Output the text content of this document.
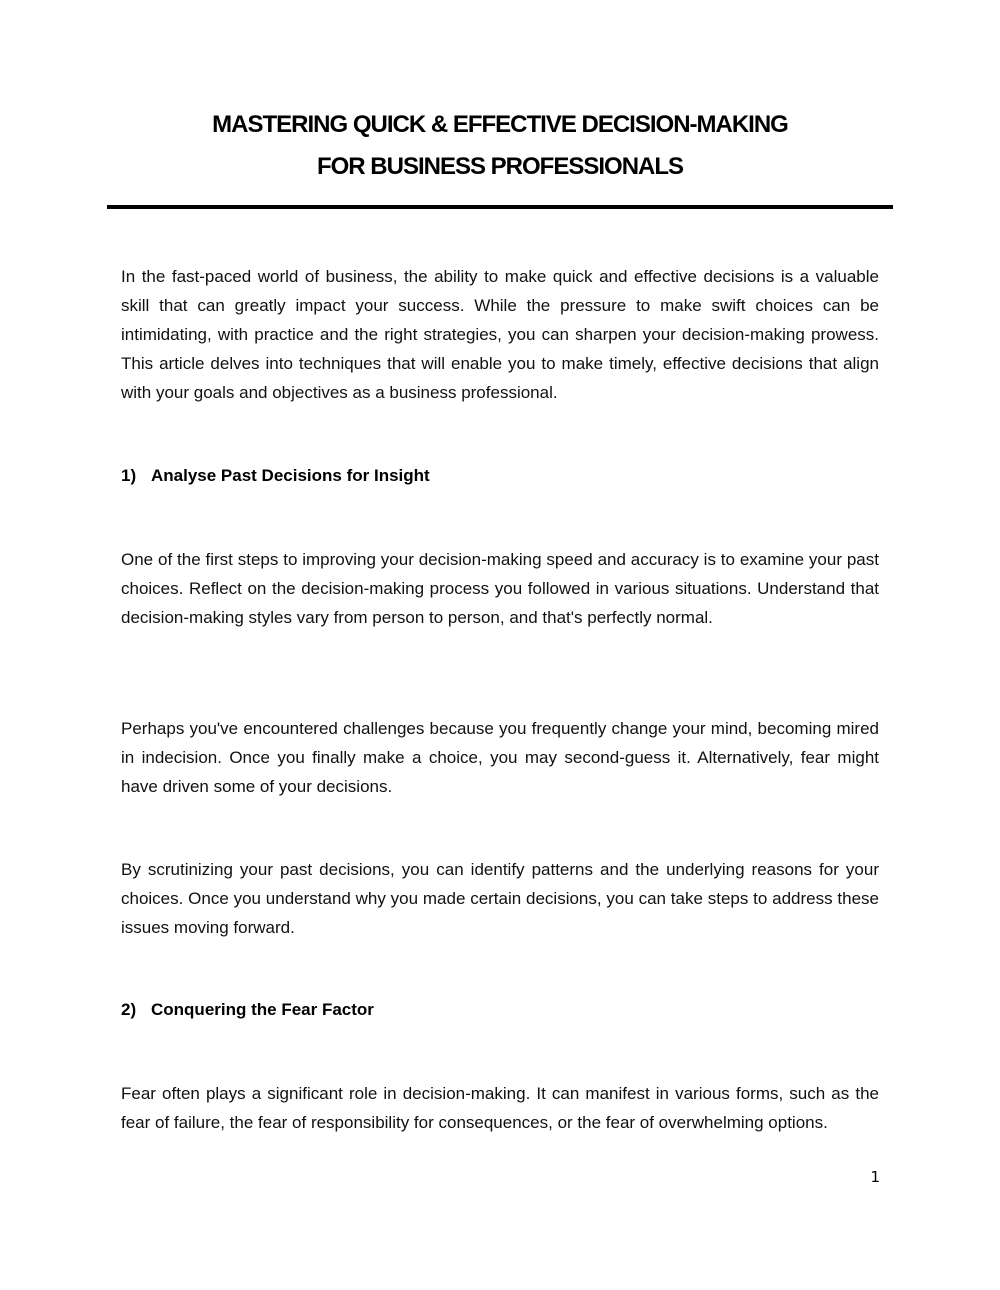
MASTERING QUICK & EFFECTIVE DECISION-MAKING
FOR BUSINESS PROFESSIONALS

In the fast-paced world of business, the ability to make quick and effective decisions is a valuable skill that can greatly impact your success. While the pressure to make swift choices can be intimidating, with practice and the right strategies, you can sharpen your decision-making prowess. This article delves into techniques that will enable you to make timely, effective decisions that align with your goals and objectives as a business professional.

1) Analyse Past Decisions for Insight

One of the first steps to improving your decision-making speed and accuracy is to examine your past choices. Reflect on the decision-making process you followed in various situations. Understand that decision-making styles vary from person to person, and that's perfectly normal.

Perhaps you've encountered challenges because you frequently change your mind, becoming mired in indecision. Once you finally make a choice, you may second-guess it. Alternatively, fear might have driven some of your decisions.

By scrutinizing your past decisions, you can identify patterns and the underlying reasons for your choices. Once you understand why you made certain decisions, you can take steps to address these issues moving forward.

2) Conquering the Fear Factor

Fear often plays a significant role in decision-making. It can manifest in various forms, such as the fear of failure, the fear of responsibility for consequences, or the fear of overwhelming options.

1
